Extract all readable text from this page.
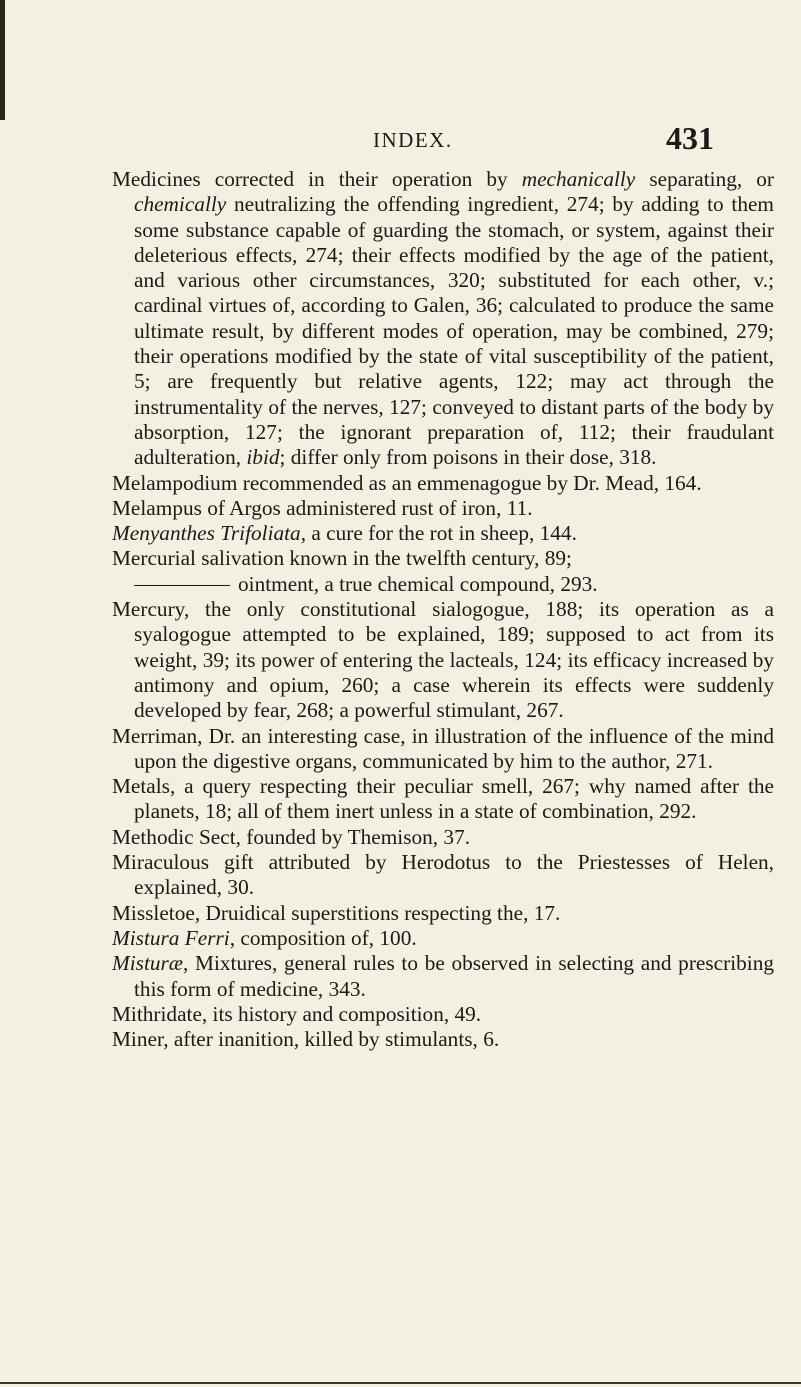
INDEX.	431
Medicines corrected in their operation by mechanically separating, or chemically neutralizing the offending ingredient, 274; by adding to them some substance capable of guarding the stomach, or system, against their deleterious effects, 274; their effects modified by the age of the patient, and various other circumstances, 320; substituted for each other, v.; cardinal virtues of, according to Galen, 36; calculated to produce the same ultimate result, by different modes of operation, may be combined, 279; their operations modified by the state of vital susceptibility of the patient, 5; are frequently but relative agents, 122; may act through the instrumentality of the nerves, 127; conveyed to distant parts of the body by absorption, 127; the ignorant preparation of, 112; their fraudulant adulteration, ibid; differ only from poisons in their dose, 318.
Melampodium recommended as an emmenagogue by Dr. Mead, 164.
Melampus of Argos administered rust of iron, 11.
Menyanthes Trifoliata, a cure for the rot in sheep, 144.
Mercurial salivation known in the twelfth century, 89;
ointment, a true chemical compound, 293.
Mercury, the only constitutional sialogogue, 188; its operation as a syalogogue attempted to be explained, 189; supposed to act from its weight, 39; its power of entering the lacteals, 124; its efficacy increased by antimony and opium, 260; a case wherein its effects were suddenly developed by fear, 268; a powerful stimulant, 267.
Merriman, Dr. an interesting case, in illustration of the influence of the mind upon the digestive organs, communicated by him to the author, 271.
Metals, a query respecting their peculiar smell, 267; why named after the planets, 18; all of them inert unless in a state of combination, 292.
Methodic Sect, founded by Themison, 37.
Miraculous gift attributed by Herodotus to the Priestesses of Helen, explained, 30.
Missletoe, Druidical superstitions respecting the, 17.
Mistura Ferri, composition of, 100.
Misturæ, Mixtures, general rules to be observed in selecting and prescribing this form of medicine, 343.
Mithridate, its history and composition, 49.
Miner, after inanition, killed by stimulants, 6.
